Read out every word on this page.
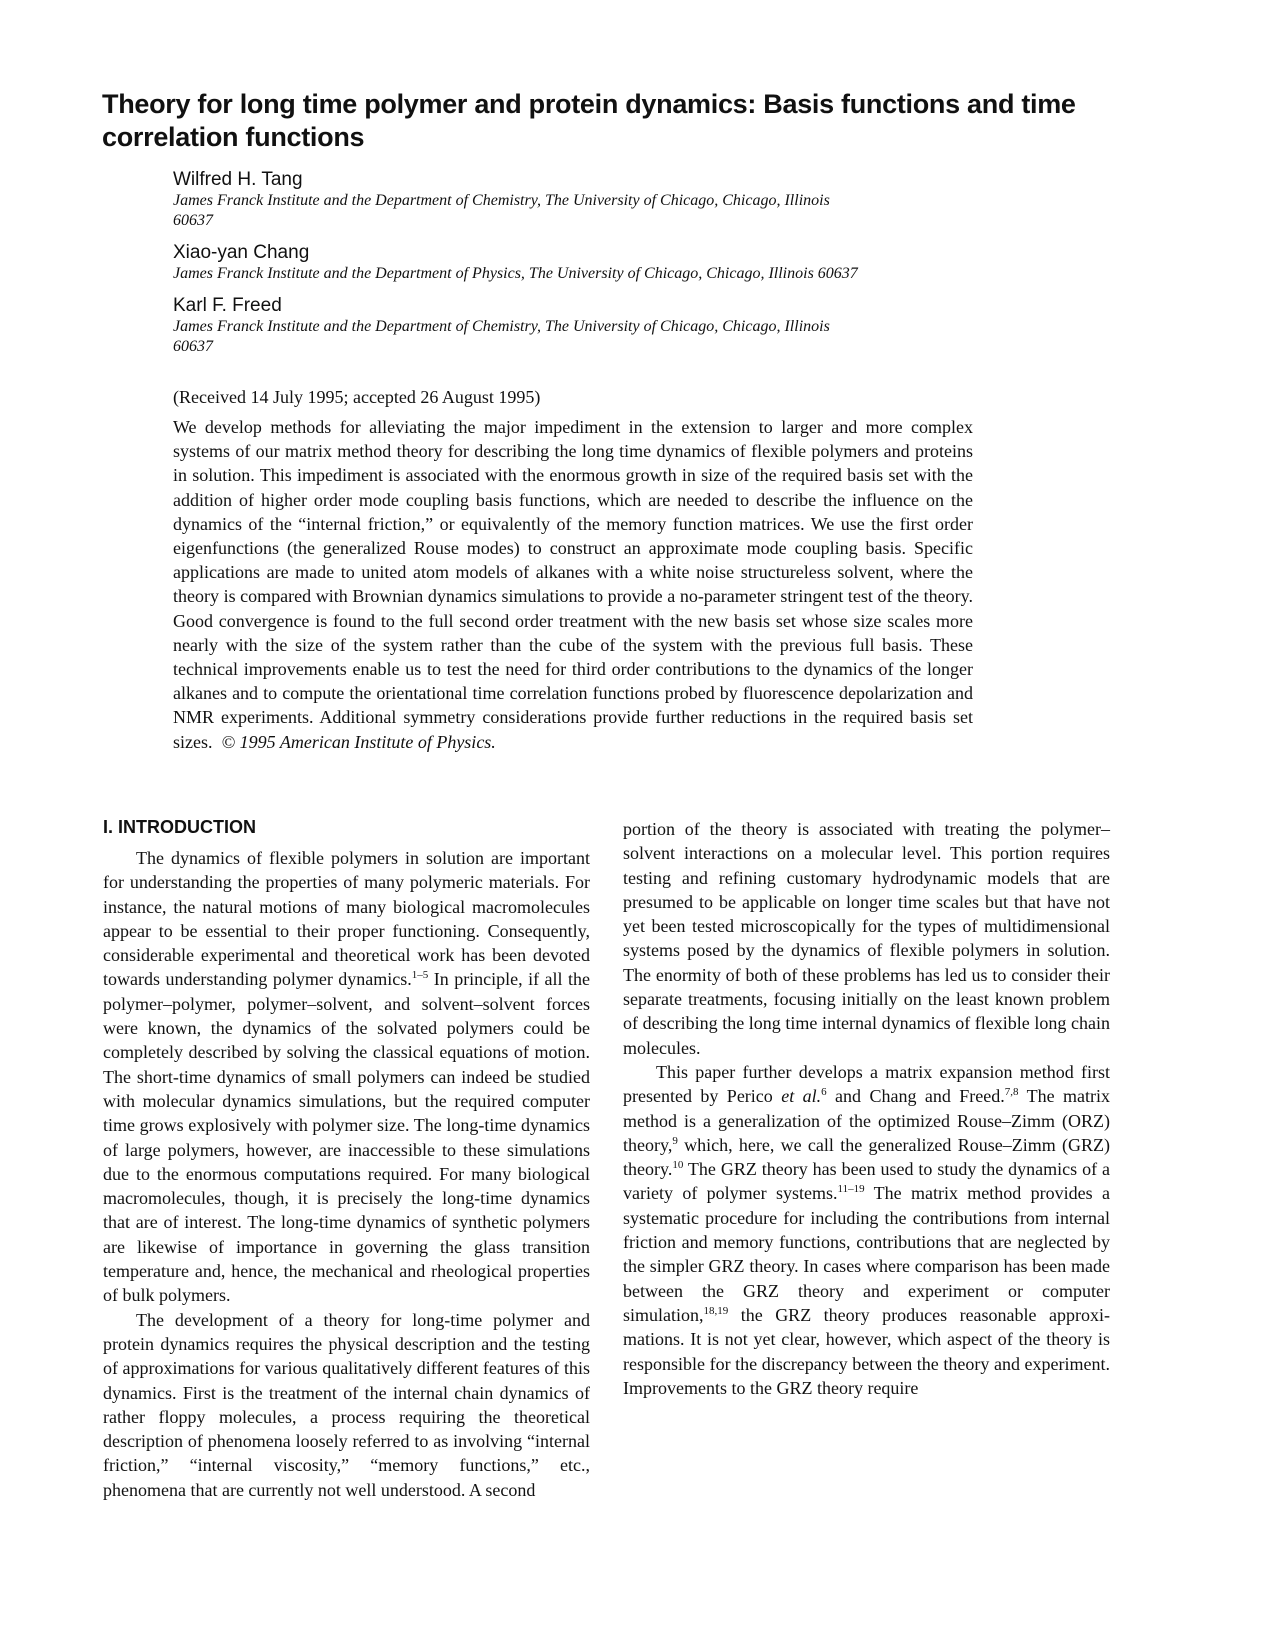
Theory for long time polymer and protein dynamics: Basis functions and time correlation functions
Wilfred H. Tang
James Franck Institute and the Department of Chemistry, The University of Chicago, Chicago, Illinois 60637
Xiao-yan Chang
James Franck Institute and the Department of Physics, The University of Chicago, Chicago, Illinois 60637
Karl F. Freed
James Franck Institute and the Department of Chemistry, The University of Chicago, Chicago, Illinois 60637
(Received 14 July 1995; accepted 26 August 1995)
We develop methods for alleviating the major impediment in the extension to larger and more complex systems of our matrix method theory for describing the long time dynamics of flexible polymers and proteins in solution. This impediment is associated with the enormous growth in size of the required basis set with the addition of higher order mode coupling basis functions, which are needed to describe the influence on the dynamics of the “internal friction,” or equivalently of the memory function matrices. We use the first order eigenfunctions (the generalized Rouse modes) to construct an approximate mode coupling basis. Specific applications are made to united atom models of alkanes with a white noise structureless solvent, where the theory is compared with Brownian dynamics simulations to provide a no-parameter stringent test of the theory. Good convergence is found to the full second order treatment with the new basis set whose size scales more nearly with the size of the system rather than the cube of the system with the previous full basis. These technical improvements enable us to test the need for third order contributions to the dynamics of the longer alkanes and to compute the orientational time correlation functions probed by fluorescence depolarization and NMR experiments. Additional symmetry considerations provide further reductions in the required basis set sizes. © 1995 American Institute of Physics.
I. INTRODUCTION

The dynamics of flexible polymers in solution are important for understanding the properties of many polymeric materials. For instance, the natural motions of many biological macromolecules appear to be essential to their proper functioning. Consequently, considerable experimental and theoretical work has been devoted towards understanding polymer dynamics.$^{1-5}$ In principle, if all the polymer–polymer, polymer–solvent, and solvent–solvent forces were known, the dynamics of the solvated polymers could be completely described by solving the classical equations of motion. The short-time dynamics of small polymers can indeed be studied with molecular dynamics simulations, but the required computer time grows explosively with polymer size. The long-time dynamics of large polymers, however, are inaccessible to these simulations due to the enormous computations required. For many biological macromolecules, though, it is precisely the long-time dynamics that are of interest. The long-time dynamics of synthetic polymers are likewise of importance in governing the glass transition temperature and, hence, the mechanical and rheological properties of bulk polymers.

The development of a theory for long-time polymer and protein dynamics requires the physical description and the testing of approximations for various qualitatively different features of this dynamics. First is the treatment of the internal chain dynamics of rather floppy molecules, a process requiring the theoretical description of phenomena loosely referred to as involving “internal friction,” “internal viscosity,” “memory functions,” etc., phenomena that are currently not well understood. A second

portion of the theory is associated with treating the polymer–solvent interactions on a molecular level. This portion requires testing and refining customary hydrodynamic models that are presumed to be applicable on longer time scales but that have not yet been tested microscopically for the types of multidimensional systems posed by the dynamics of flexible polymers in solution. The enormity of both of these problems has led us to consider their separate treatments, focusing initially on the least known problem of describing the long time internal dynamics of flexible long chain molecules.

This paper further develops a matrix expansion method first presented by Perico et al.$^6$ and Chang and Freed.$^{7,8}$ The matrix method is a generalization of the optimized Rouse–Zimm (ORZ) theory,$^9$ which, here, we call the generalized Rouse–Zimm (GRZ) theory.$^{10}$ The GRZ theory has been used to study the dynamics of a variety of polymer systems.$^{11-19}$ The matrix method provides a systematic procedure for including the contributions from internal friction and memory functions, contributions that are neglected by the simpler GRZ theory. In cases where comparison has been made between the GRZ theory and experiment or computer simulation,$^{18,19}$ the GRZ theory produces reasonable approximations. It is not yet clear, however, which aspect of the theory is responsible for the discrepancy between the theory and experiment. Improvements to the GRZ theory require
